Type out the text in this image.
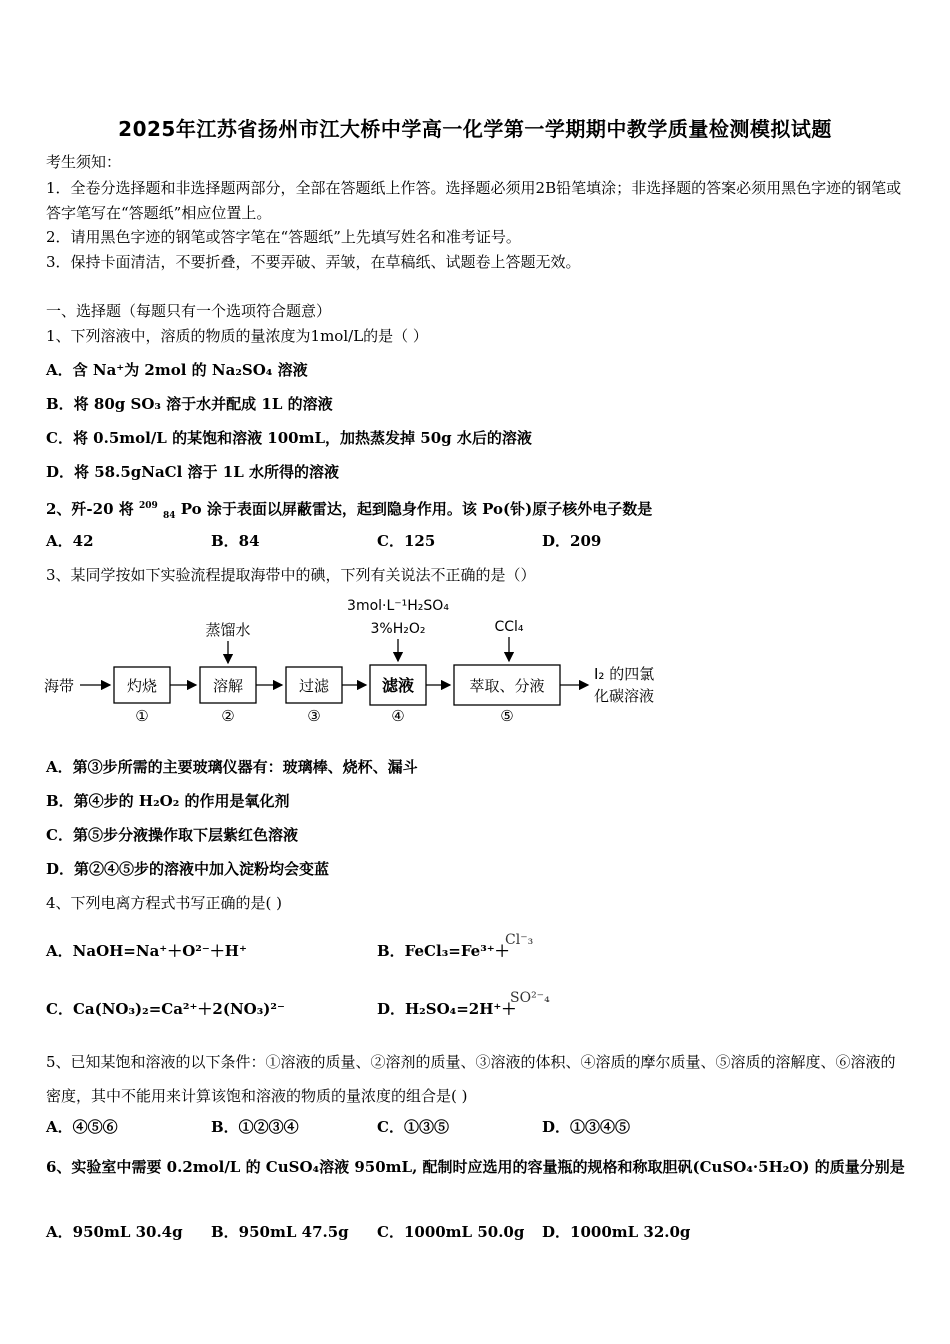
2025年江苏省扬州市江大桥中学高一化学第一学期期中教学质量检测模拟试题
考生须知：
1．全卷分选择题和非选择题两部分，全部在答题纸上作答。选择题必须用2B铅笔填涂；非选择题的答案必须用黑色字迹的钢笔或答字笔写在“答题纸”相应位置上。
2．请用黑色字迹的钢笔或答字笔在“答题纸”上先填写姓名和准考证号。
3．保持卡面清洁，不要折叠，不要弄破、弄皱，在草稿纸、试题卷上答题无效。
一、选择题（每题只有一个选项符合题意）
1、下列溶液中，溶质的物质的量浓度为1mol/L的是（ ）
A．含 Na⁺为 2mol 的 Na₂SO₄ 溶液
B．将 80g SO₃ 溶于水并配成 1L 的溶液
C．将 0.5mol/L 的某饱和溶液 100mL，加热蒸发掉 50g 水后的溶液
D．将 58.5gNaCl 溶于 1L 水所得的溶液
2、歼-20 将 $^{209}$ $_{84}$ Po 涂于表面以屏蔽雷达，起到隐身作用。该 Po(钋)原子核外电子数是
A．42	B．84	C．125	D．209
3、某同学按如下实验流程提取海带中的碘，下列有关说法不正确的是（）
海带	灼烧
①
溶解
②
蒸馏水
过滤
③
滤液
④
3mol·L⁻¹H₂SO₄
3%H₂O₂
萃取、分液
⑤
CCl₄
I₂ 的四氯
化碳溶液
A．第③步所需的主要玻璃仪器有：玻璃棒、烧杯、漏斗
B．第④步的 H₂O₂ 的作用是氧化剂
C．第⑤步分液操作取下层紫红色溶液
D．第②④⑤步的溶液中加入淀粉均会变蓝
4、下列电离方程式书写正确的是( )
A．NaOH=Na⁺＋O²⁻＋H⁺	B．FeCl₃=Fe³⁺＋
Cl⁻₃
C．Ca(NO₃)₂=Ca²⁺＋2(NO₃)²⁻	D．H₂SO₄=2H⁺＋
SO²⁻₄
5、已知某饱和溶液的以下条件：①溶液的质量、②溶剂的质量、③溶液的体积、④溶质的摩尔质量、⑤溶质的溶解度、⑥溶液的密度，其中不能用来计算该饱和溶液的物质的量浓度的组合是( )
A．④⑤⑥	B．①②③④	C．①③⑤	D．①③④⑤
6、实验室中需要 0.2mol/L 的 CuSO₄溶液 950mL, 配制时应选用的容量瓶的规格和称取胆矾(CuSO₄·5H₂O) 的质量分别是
A．950mL 30.4g B．950mL 47.5g C．1000mL 50.0g D．1000mL 32.0g
